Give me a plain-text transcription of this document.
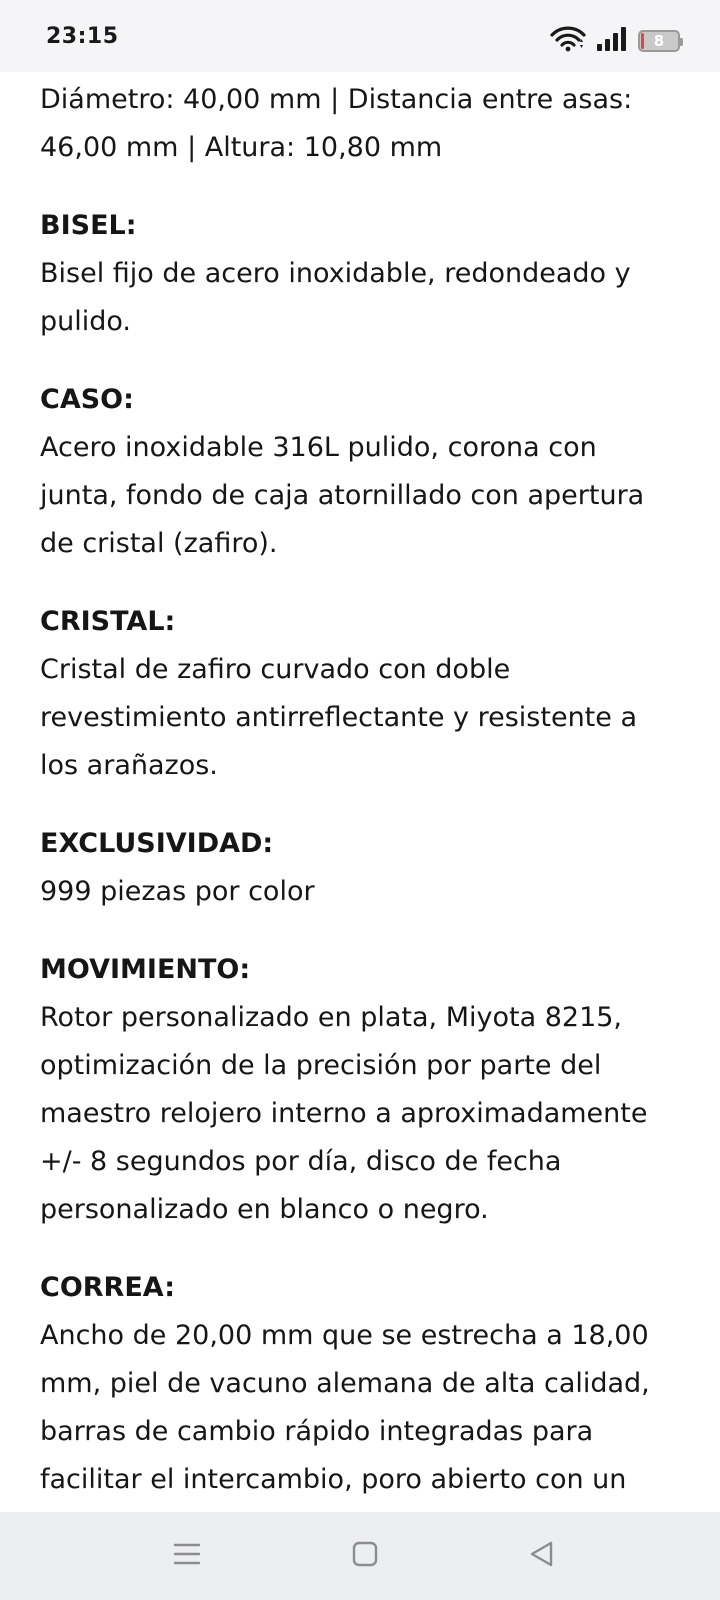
23:15	8

Diámetro: 40,00 mm | Distancia entre asas:

46,00 mm | Altura: 10,80 mm

BISEL:

Bisel fijo de acero inoxidable, redondeado y

pulido.

CASO:

Acero inoxidable 316L pulido, corona con

junta, fondo de caja atornillado con apertura

de cristal (zafiro).

CRISTAL:

Cristal de zafiro curvado con doble

revestimiento antirreflectante y resistente a

los arañazos.

EXCLUSIVIDAD:

999 piezas por color

MOVIMIENTO:

Rotor personalizado en plata, Miyota 8215,

optimización de la precisión por parte del

maestro relojero interno a aproximadamente

+/- 8 segundos por día, disco de fecha

personalizado en blanco o negro.

CORREA:

Ancho de 20,00 mm que se estrecha a 18,00

mm, piel de vacuno alemana de alta calidad,

barras de cambio rápido integradas para

facilitar el intercambio, poro abierto con un
